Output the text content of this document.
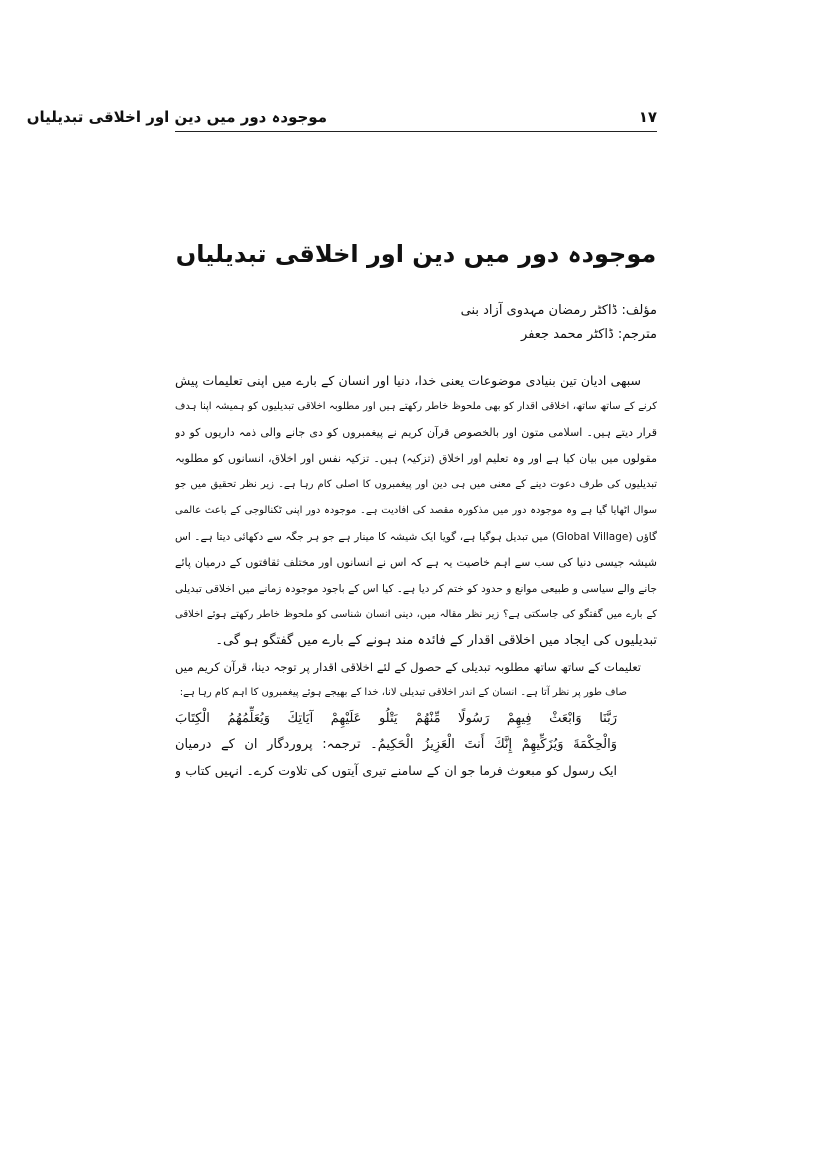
موجودہ دور میں دین اور اخلاقی تبدیلیاں	۱۷
موجودہ دور میں دین اور اخلاقی تبدیلیاں
مؤلف: ڈاکٹر رمضان مہدوی آزاد بنی
مترجم: ڈاکٹر محمد جعفر
سبھی ادیان تین بنیادی موضوعات یعنی خدا، دنیا اور انسان کے بارے میں اپنی تعلیمات پیش
کرنے کے ساتھ ساتھ، اخلاقی اقدار کو بھی ملحوظ خاطر رکھتے ہیں اور مطلوبہ اخلاقی تبدیلیوں کو ہمیشہ اپنا ہدف
قرار دیتے ہیں۔ اسلامی متون اور بالخصوص قرآن کریم نے پیغمبروں کو دی جانے والی ذمہ داریوں کو دو
مقولوں میں بیان کیا ہے اور وہ تعلیم اور اخلاق (تزکیہ) ہیں۔ تزکیہ نفس اور اخلاق، انسانوں کو مطلوبہ
تبدیلیوں کی طرف دعوت دینے کے معنی میں ہی دین اور پیغمبروں کا اصلی کام رہا ہے۔ زیر نظر تحقیق میں جو
سوال اٹھایا گیا ہے وہ موجودہ دور میں مذکورہ مقصد کی افادیت ہے۔ موجودہ دور اپنی ٹکنالوجی کے باعث عالمی
گاؤں (Global Village) میں تبدیل ہوگیا ہے، گویا ایک شیشہ کا مینار ہے جو ہر جگہ سے دکھائی دیتا ہے۔ اس
شیشہ جیسی دنیا کی سب سے اہم خاصیت یہ ہے کہ اس نے انسانوں اور مختلف ثقافتوں کے درمیان پائے
جانے والے سیاسی و طبیعی موانع و حدود کو ختم کر دیا ہے۔ کیا اس کے باجود موجودہ زمانے میں اخلاقی تبدیلی
کے بارے میں گفتگو کی جاسکتی ہے؟ زیر نظر مقالہ میں، دینی انسان شناسی کو ملحوظ خاطر رکھتے ہوئے اخلاقی
تبدیلیوں کی ایجاد میں اخلاقی اقدار کے فائدہ مند ہونے کے بارے میں گفتگو ہو گی۔
تعلیمات کے ساتھ ساتھ مطلوبہ تبدیلی کے حصول کے لئے اخلاقی اقدار پر توجہ دینا، قرآن کریم میں
صاف طور پر نظر آتا ہے۔ انسان کے اندر اخلاقی تبدیلی لانا، خدا کے بھیجے ہوئے پیغمبروں کا اہم کام رہا ہے:
رَبَّنَا وَابْعَثْ فِيهِمْ رَسُولًا مِّنْهُمْ يَتْلُو عَلَيْهِمْ آيَاتِكَ وَيُعَلِّمُهُمُ الْكِتَابَ
وَالْحِكْمَةَ وَيُزَكِّيهِمْ إِنَّكَ أَنتَ الْعَزِيزُ الْحَكِيمُ۔ ترجمہ: پروردگار ان کے درمیان
ایک رسول کو مبعوث فرما جو ان کے سامنے تیری آیتوں کی تلاوت کرے۔ انہیں کتاب و
